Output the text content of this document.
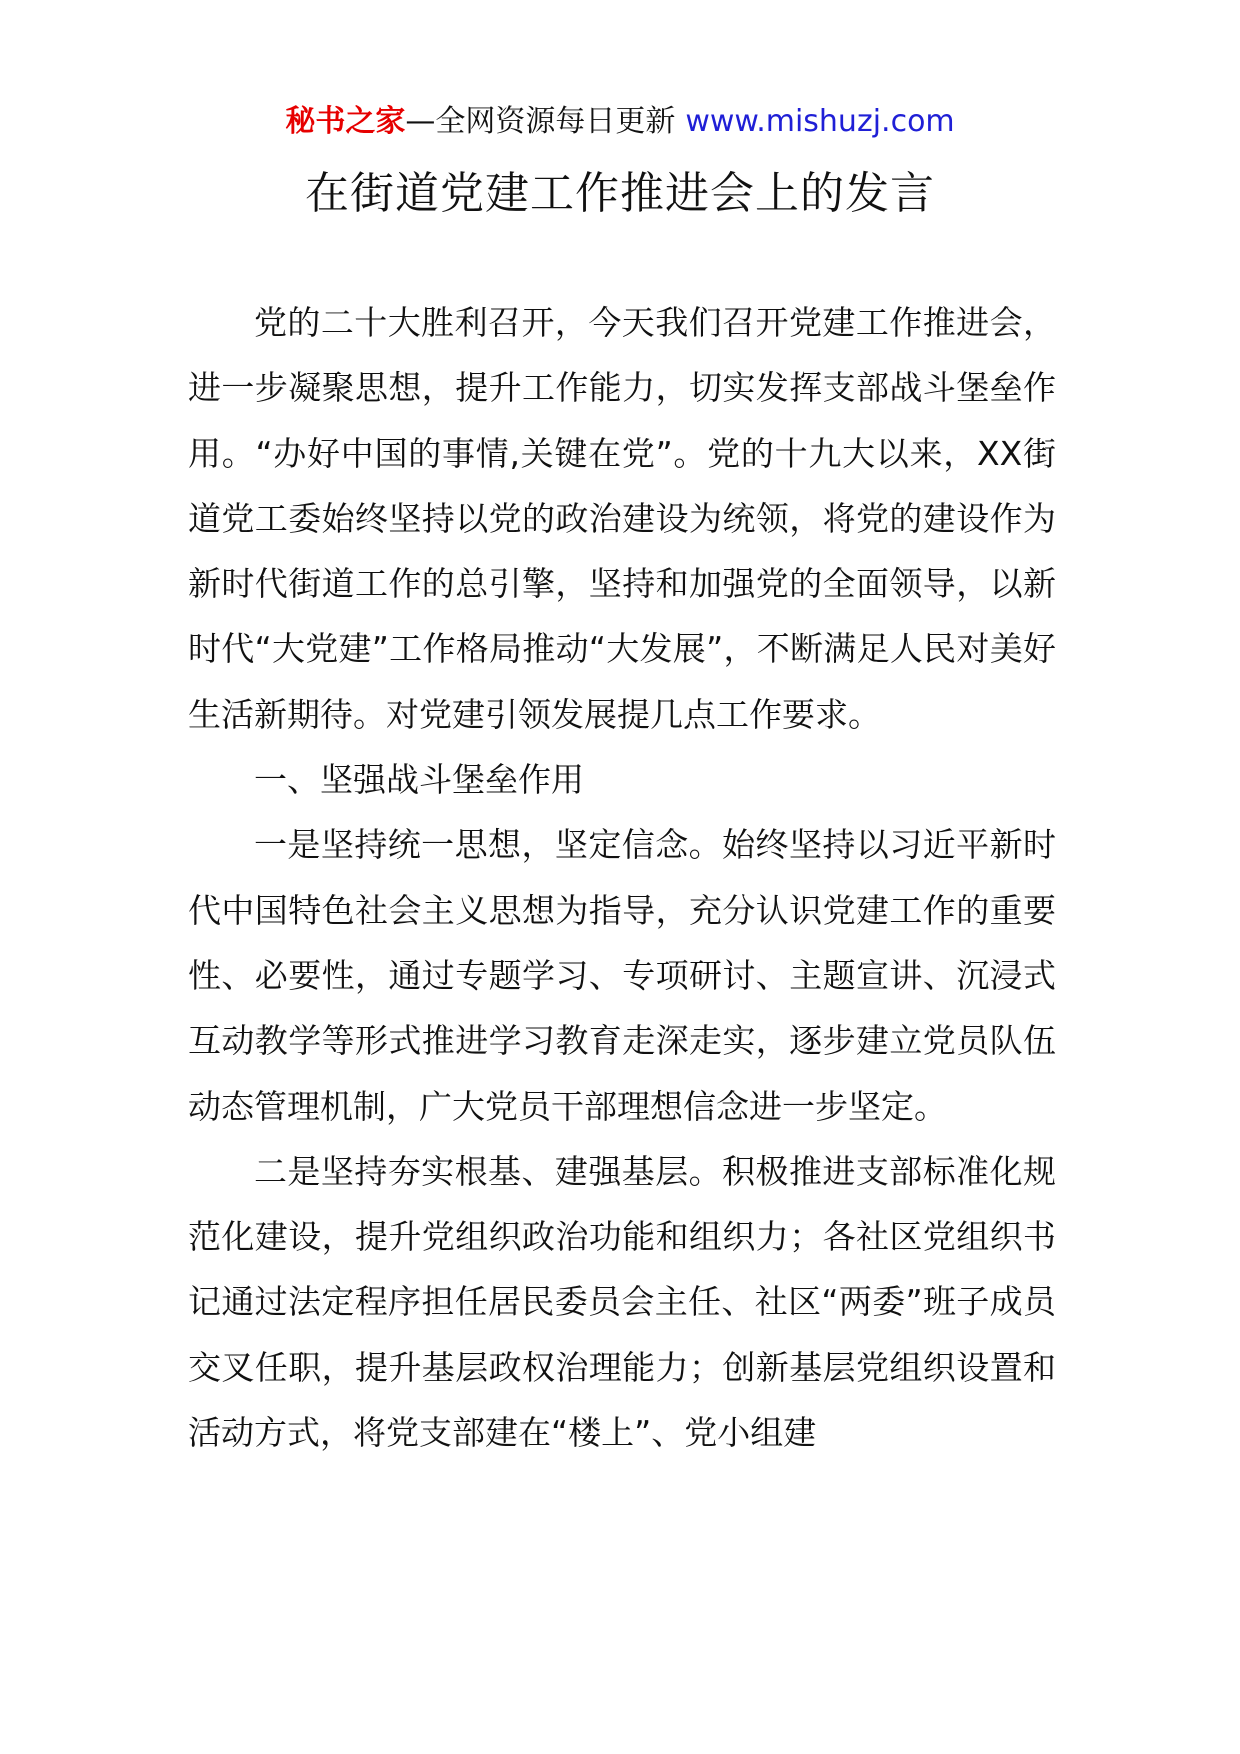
秘书之家—全网资源每日更新 www.mishuzj.com
在街道党建工作推进会上的发言

党的二十大胜利召开，今天我们召开党建工作推进会，进一步凝聚思想，提升工作能力，切实发挥支部战斗堡垒作用。“办好中国的事情,关键在党”。党的十九大以来，XX街道党工委始终坚持以党的政治建设为统领，将党的建设作为新时代街道工作的总引擎，坚持和加强党的全面领导，以新时代“大党建”工作格局推动“大发展”，不断满足人民对美好生活新期待。对党建引领发展提几点工作要求。

一、坚强战斗堡垒作用

一是坚持统一思想，坚定信念。始终坚持以习近平新时代中国特色社会主义思想为指导，充分认识党建工作的重要性、必要性，通过专题学习、专项研讨、主题宣讲、沉浸式互动教学等形式推进学习教育走深走实，逐步建立党员队伍动态管理机制，广大党员干部理想信念进一步坚定。

二是坚持夯实根基、建强基层。积极推进支部标准化规范化建设，提升党组织政治功能和组织力；各社区党组织书记通过法定程序担任居民委员会主任、社区“两委”班子成员交叉任职，提升基层政权治理能力；创新基层党组织设置和活动方式，将党支部建在“楼上”、党小组建
